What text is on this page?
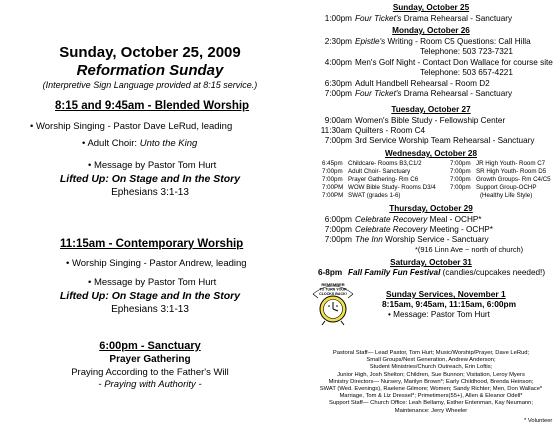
Sunday, October 25, 2009
Reformation Sunday
(Interpretive Sign Language provided at 8:15 service.)
8:15 and 9:45am - Blended Worship
• Worship Singing - Pastor Dave LeRud, leading
• Adult Choir: Unto the King
• Message by Pastor Tom Hurt
Lifted Up: On Stage and In the Story
Ephesians 3:1-13
11:15am - Contemporary Worship
• Worship Singing - Pastor Andrew, leading
• Message by Pastor Tom Hurt
Lifted Up: On Stage and In the Story
Ephesians 3:1-13
6:00pm - Sanctuary
Prayer Gathering
Praying According to the Father's Will
- Praying with Authority -
Sunday, October 25
1:00pm Four Ticket's Drama Rehearsal - Sanctuary
Monday, October 26
2:30pm Epistle's Writing - Room C5 Questions: Call Hilla
Telephone: 503 723-7321
4:00pm Men's Golf Night - Contact Don Wallace for course site
Telephone: 503 657-4221
6:30pm Adult Handbell Rehearsal - Room D2
7:00pm Four Ticket's Drama Rehearsal - Sanctuary
Tuesday, October 27
9:00am Women's Bible Study - Fellowship Center
11:30am Quilters - Room C4
7:00pm 3rd Service Worship Team Rehearsal - Sanctuary
Wednesday, October 28
6:45pm Childcare- Rooms B3,C1/2
7:00pm Adult Choir- Sanctuary
7:00pm Prayer Gathering- Rm C6
7:00PM WOW Bible Study- Rooms D3/4
7:00PM SWAT (grades 1-6)
7:00pm JR High Youth- Room C7
7:00pm SR High Youth- Room D5
7:00pm Growth Groups- Rm C4/C5
7:00pm Support Group-OCHP
(Healthy Life Style)
Thursday, October 29
6:00pm Celebrate Recovery Meal - OCHP*
7:00pm Celebrate Recovery Meeting - OCHP*
7:00pm The Inn Worship Service - Sanctuary
*(916 Linn Ave ~ north of church)
Saturday, October 31
6-8pm Fall Family Fun Festival (candies/cupcakes needed!)
REMEMBER
TO TURN YOUR
CLOCKS BACK!	Sunday Services, November 1
8:15am, 9:45am, 11:15am, 6:00pm
• Message: Pastor Tom Hurt
Pastoral Staff— Lead Pastor, Tom Hurt; Music/Worship/Prayer, Dave LeRud;
Small Groups/Next Generation, Andrew Anderson;
Student Ministries/Church Outreach, Erin Loftis;
Junior High, Josh Shelton; Children, Sue Bunnon; Visitation, Leroy Myers
Ministry Directors— Nursery, Marilyn Brown*; Early Childhood, Brenda Heinson;
SWAT (Wed. Evenings), Raelene Gilmore; Women; Sandy Richter; Men, Don Wallace*
Marriage, Tom & Liz Dressel*; Primetimers(55+), Allen & Eleanor Odell*
Support Staff— Church Office: Leah Bellamy, Esther Entenman, Kay Neumann;
Maintenance: Jerry Wheeler
* Volunteer
